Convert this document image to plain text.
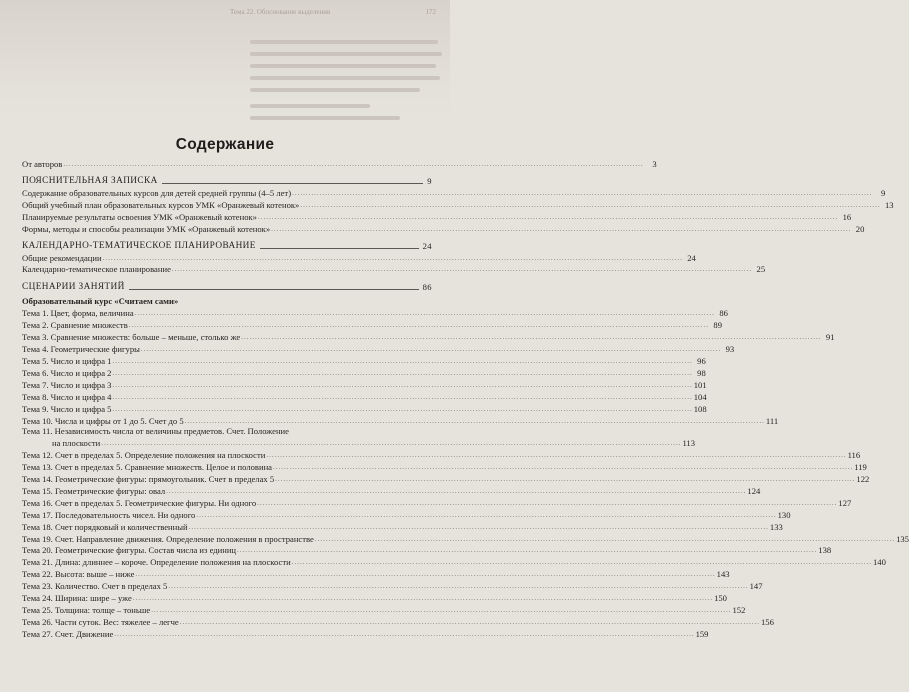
Тема 22. Обоснование выделения	172
Содержание
От авторов .....	3
ПОЯСНИТЕЛЬНАЯ ЗАПИСКА	9
Содержание образовательных курсов для детей средней группы (4–5 лет) .....	9
Общий учебный план образовательных курсов УМК «Оранжевый котенок» .....	13
Планируемые результаты освоения УМК «Оранжевый котенок» .....	16
Формы, методы и способы реализации УМК «Оранжевый котенок» .....	20
КАЛЕНДАРНО-ТЕМАТИЧЕСКОЕ ПЛАНИРОВАНИЕ	24
Общие рекомендации .....	24
Календарно-тематическое планирование .....	25
СЦЕНАРИИ ЗАНЯТИЙ	86
Образовательный курс «Считаем сами»
Тема 1. Цвет, форма, величина .....	86
Тема 2. Сравнение множеств .....	89
Тема 3. Сравнение множеств: больше – меньше, столько же .....	91
Тема 4. Геометрические фигуры .....	93
Тема 5. Число и цифра 1 .....	96
Тема 6. Число и цифра 2 .....	98
Тема 7. Число и цифра 3 .....	101
Тема 8. Число и цифра 4 .....	104
Тема 9. Число и цифра 5 .....	108
Тема 10. Числа и цифры от 1 до 5. Счет до 5 .....	111
Тема 11. Независимость числа от величины предметов. Счет. Положение
на плоскости .....	113
Тема 12. Счет в пределах 5. Определение положения на плоскости .....	116
Тема 13. Счет в пределах 5. Сравнение множеств. Целое и половина .....	119
Тема 14. Геометрические фигуры: прямоугольник. Счет в пределах 5 .....	122
Тема 15. Геометрические фигуры: овал .....	124
Тема 16. Счет в пределах 5. Геометрические фигуры. Ни одного .....	127
Тема 17. Последовательность чисел. Ни одного .....	130
Тема 18. Счет порядковый и количественный .....	133
Тема 19. Счет. Направление движения. Определение положения в пространстве .....	135
Тема 20. Геометрические фигуры. Состав числа из единиц .....	138
Тема 21. Длина: длиннее – короче. Определение положения на плоскости .....	140
Тема 22. Высота: выше – ниже .....	143
Тема 23. Количество. Счет в пределах 5 .....	147
Тема 24. Ширина: шире – уже .....	150
Тема 25. Толщина: толще – тоньше .....	152
Тема 26. Части суток. Вес: тяжелее – легче .....	156
Тема 27. Счет. Движение .....	159
